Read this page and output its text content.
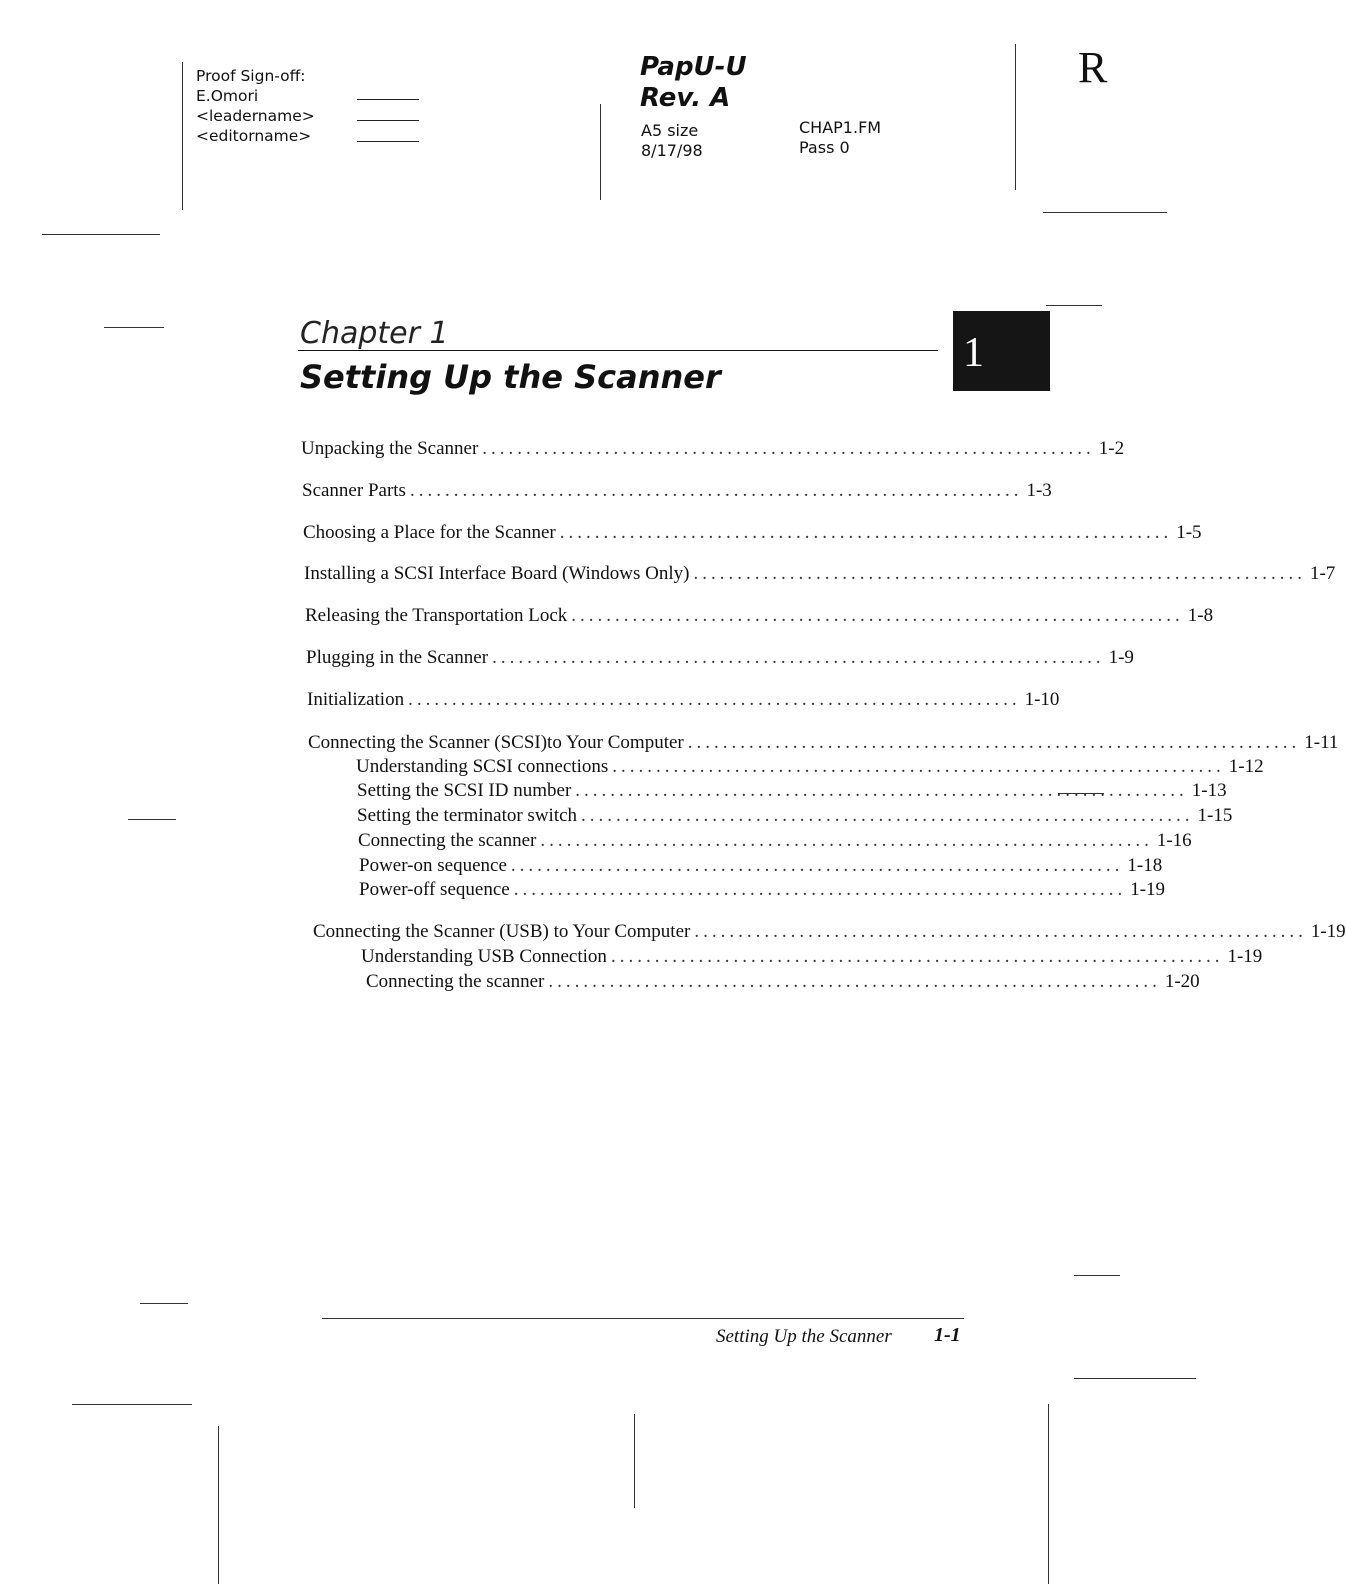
Proof Sign-off:
E.Omori
<leadername>
<editorname>
PapU-U
Rev. A
A5 size
8/17/98
CHAP1.FM
Pass 0
R
Chapter 1
Setting Up the Scanner
1
Unpacking the Scanner ...................................................................... 1-2
Scanner Parts ...................................................................... 1-3
Choosing a Place for the Scanner ...................................................................... 1-5
Installing a SCSI Interface Board (Windows Only) ...................................................................... 1-7
Releasing the Transportation Lock ...................................................................... 1-8
Plugging in the Scanner ...................................................................... 1-9
Initialization ...................................................................... 1-10
Connecting the Scanner (SCSI)to Your Computer ...................................................................... 1-11
Understanding SCSI connections ...................................................................... 1-12
Setting the SCSI ID number ...................................................................... 1-13
Setting the terminator switch ...................................................................... 1-15
Connecting the scanner ...................................................................... 1-16
Power-on sequence ...................................................................... 1-18
Power-off sequence ...................................................................... 1-19
Connecting the Scanner (USB) to Your Computer ...................................................................... 1-19
Understanding USB Connection ...................................................................... 1-19
Connecting the scanner ...................................................................... 1-20
Setting Up the Scanner 1-1
